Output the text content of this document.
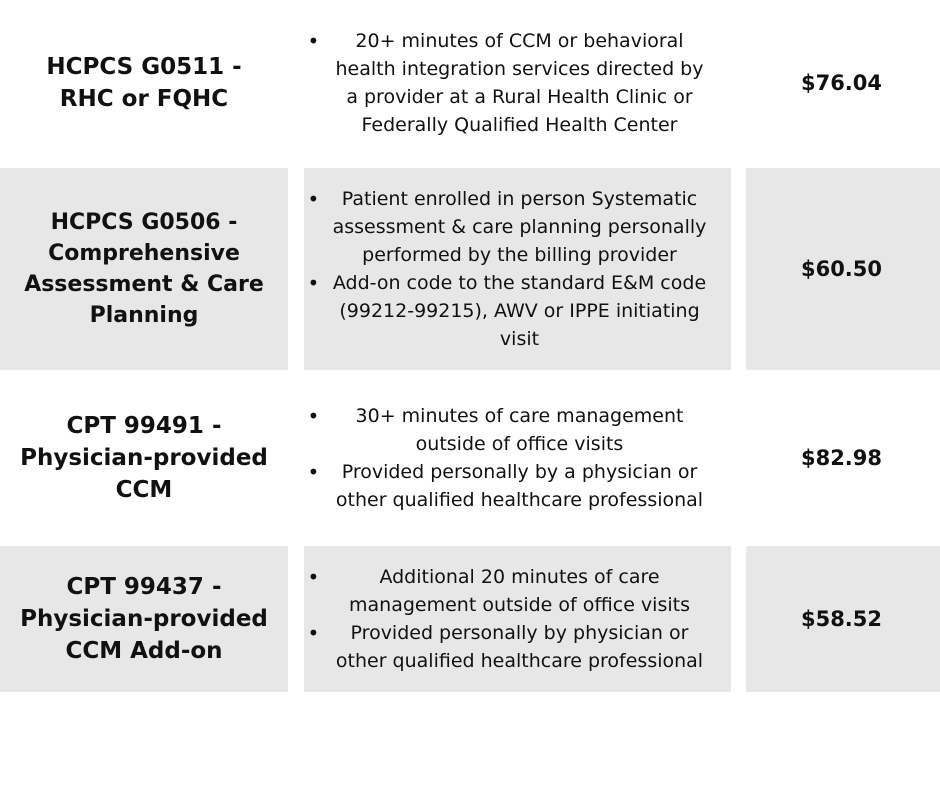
HCPCS G0511 - RHC or FQHC
• 20+ minutes of CCM or behavioral health integration services directed by a provider at a Rural Health Clinic or Federally Qualified Health Center
$76.04
HCPCS G0506 - Comprehensive Assessment & Care Planning
• Patient enrolled in person Systematic assessment & care planning personally performed by the billing provider
• Add-on code to the standard E&M code (99212-99215), AWV or IPPE initiating visit
$60.50
CPT 99491 - Physician-provided CCM
• 30+ minutes of care management outside of office visits
• Provided personally by a physician or other qualified healthcare professional
$82.98
CPT 99437 - Physician-provided CCM Add-on
• Additional 20 minutes of care management outside of office visits
• Provided personally by physician or other qualified healthcare professional
$58.52
